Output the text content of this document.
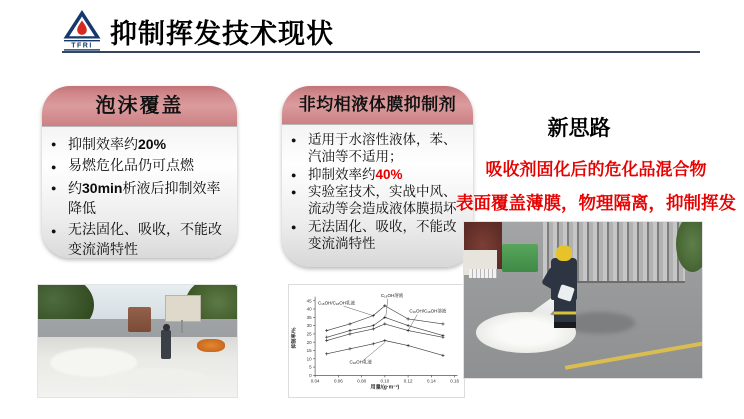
TFRI 抑制挥发技术现状
泡沫覆盖
● 抑制效率约20%
● 易燃危化品仍可点燃
● 约30min析液后抑制效率降低
● 无法固化、吸收，不能改变流淌特性
非均相液体膜抑制剂
● 适用于水溶性液体，苯、汽油等不适用；
● 抑制效率约40%
● 实验室技术，实战中风、流动等会造成液体膜损坏
● 无法固化、吸收，不能改变流淌特性
新思路
吸收剂固化后的危化品混合物
表面覆盖薄膜，物理隔离，抑制挥发
0
5
10
15
20
25
30
35
40
45
0.04	0.06	0.08	0.10	0.12	0.14	0.16
用量/(g·m⁻²)
抑制率/%
C₁₆OH/C₁₈OH乳液
C₁₆OH溶液
C₁₆OH/C₁₈OH溶液
C₁₈OH乳液
